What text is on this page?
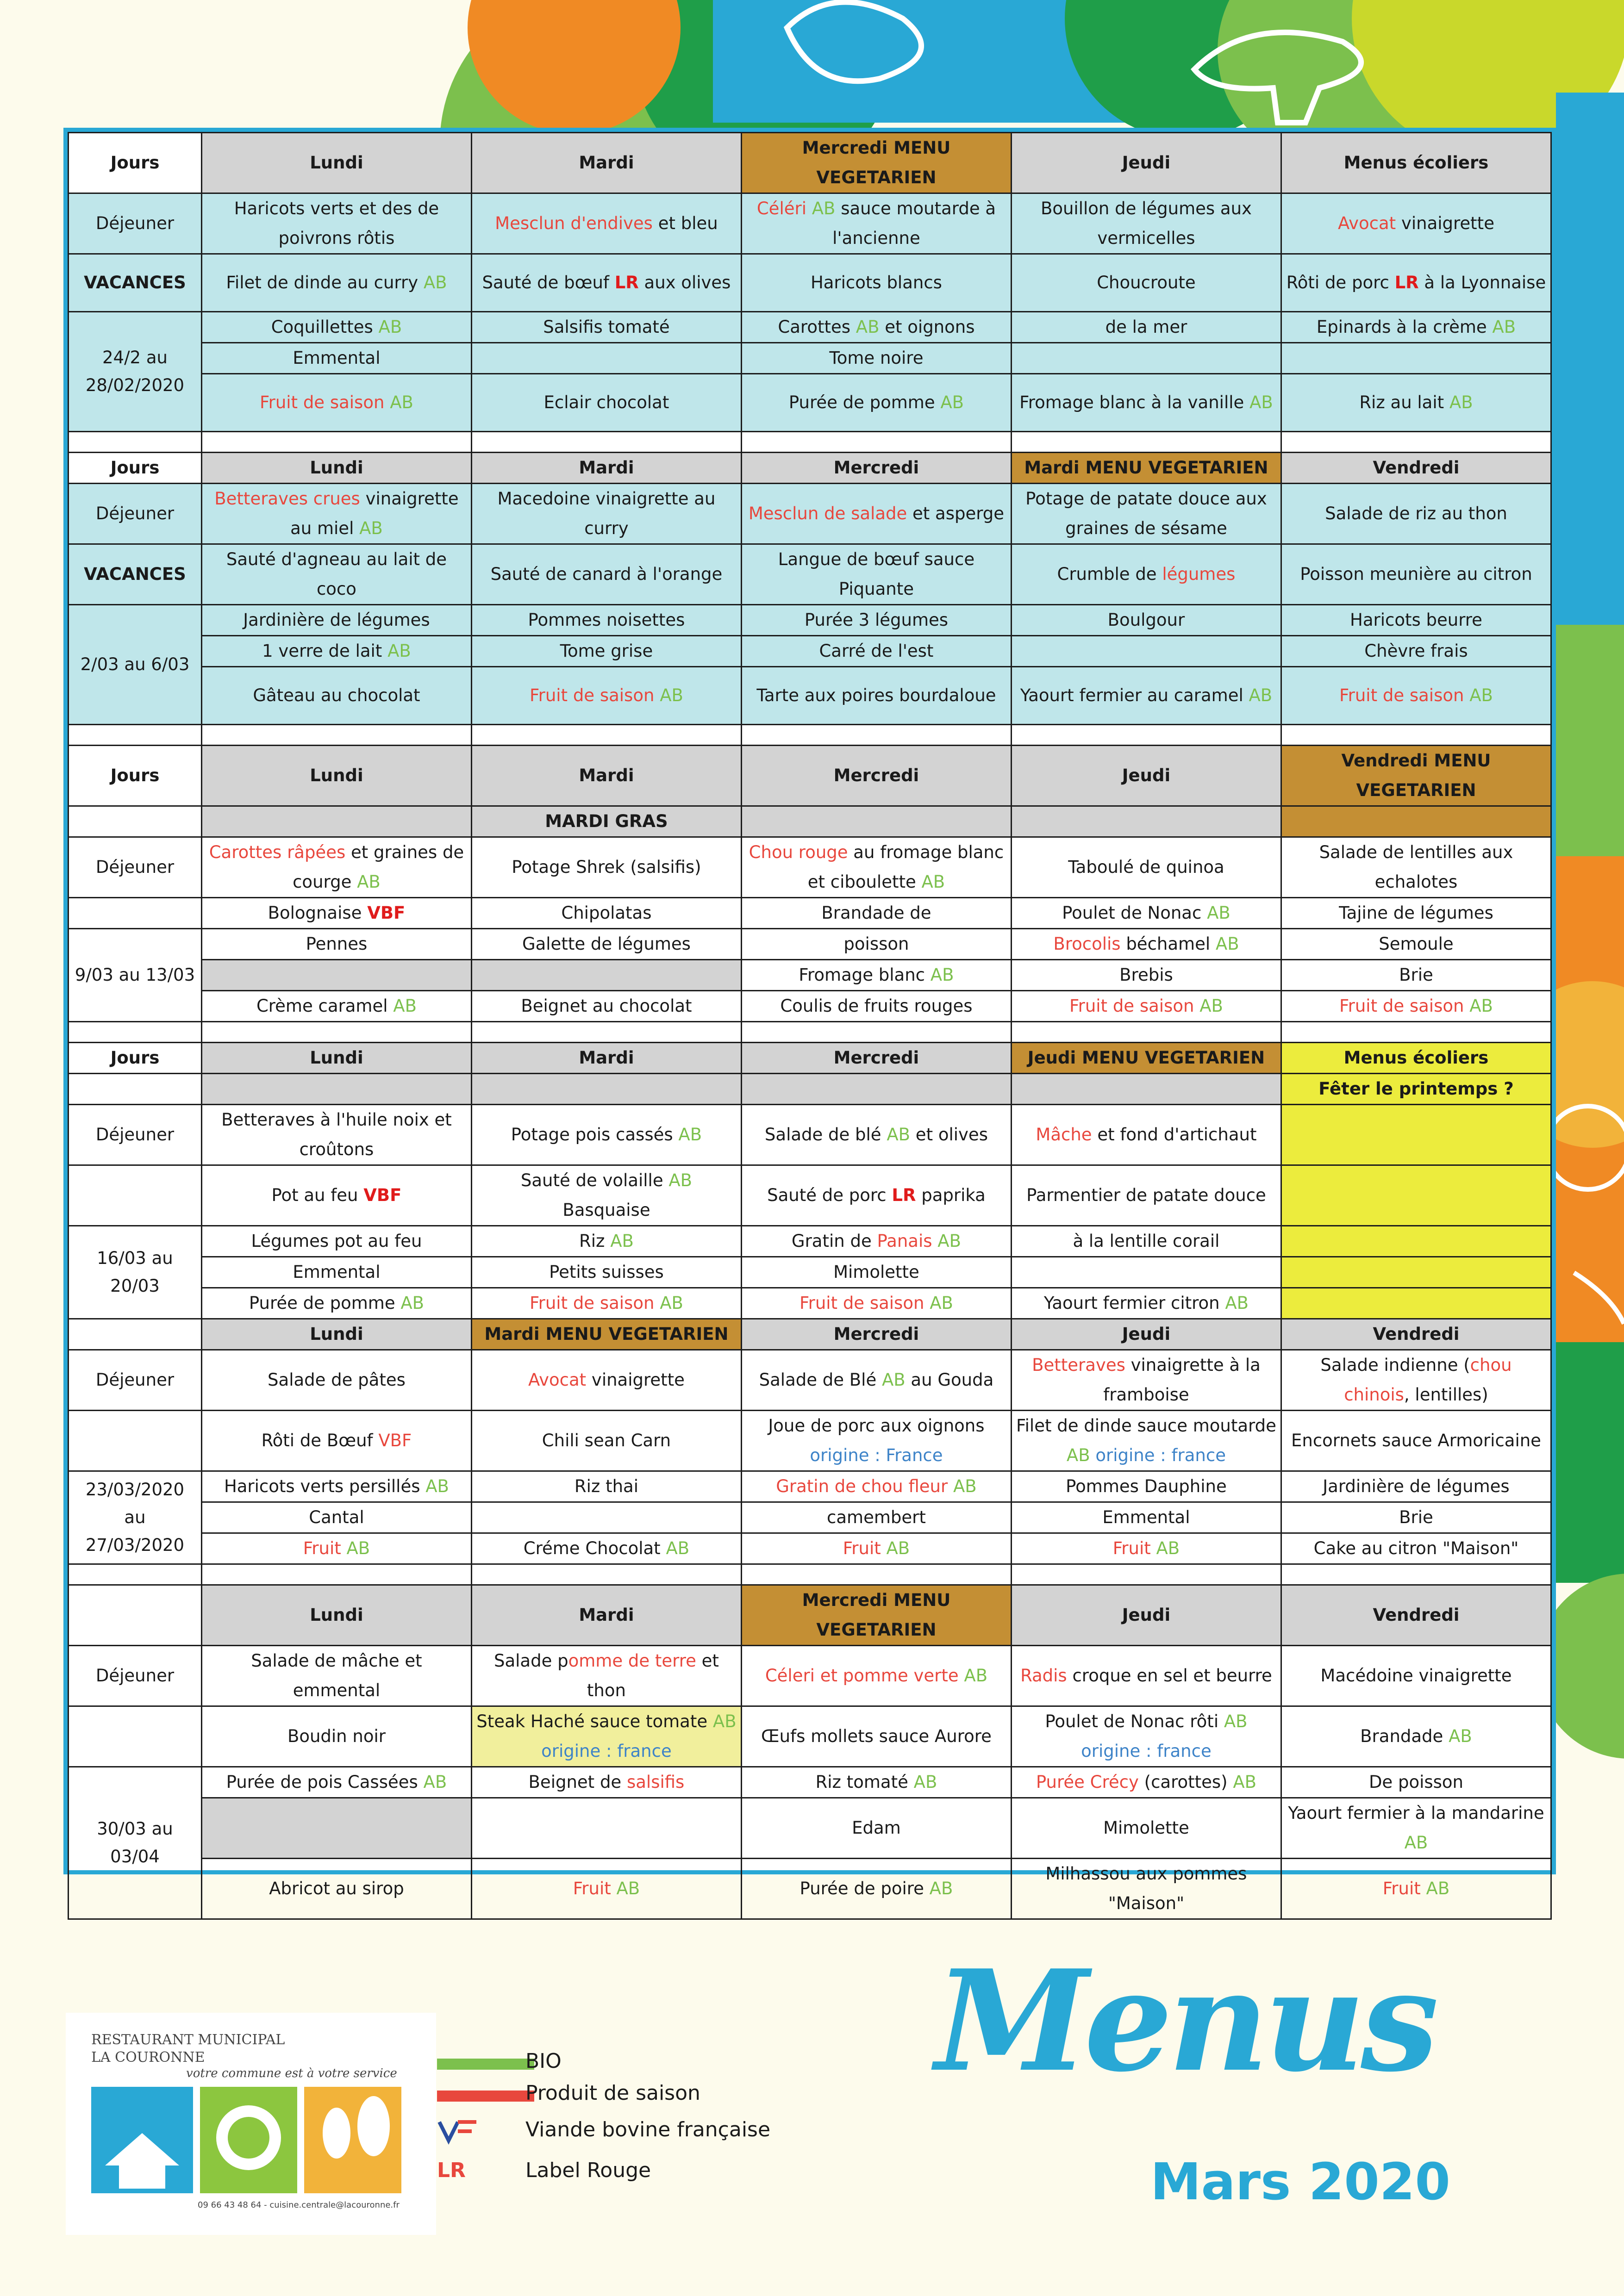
Jours	Lundi	Mardi	Mercredi MENU VEGETARIEN	Jeudi	Menus écoliers
Déjeuner	Haricots verts et des de poivrons rôtis	Mesclun d'endives et bleu	Céléri AB sauce moutarde à l'ancienne	Bouillon de légumes aux vermicelles	Avocat vinaigrette
VACANCES	Filet de dinde au curry AB	Sauté de bœuf LR aux olives	Haricots blancs	Choucroute	Rôti de porc LR à la Lyonnaise
24/2 au 28/02/2020	Coquillettes AB	Salsifis tomaté	Carottes AB et oignons	de la mer	Epinards à la crème AB
	Emmental		Tome noire		
	Fruit de saison AB	Eclair chocolat	Purée de pomme AB	Fromage blanc à la vanille AB	Riz au lait AB

Jours	Lundi	Mardi	Mercredi	Mardi MENU VEGETARIEN	Vendredi
Déjeuner	Betteraves crues vinaigrette au miel AB	Macedoine vinaigrette au curry	Mesclun de salade et asperge	Potage de patate douce aux graines de sésame	Salade de riz au thon
VACANCES	Sauté d'agneau au lait de coco	Sauté de canard à l'orange	Langue de bœuf sauce Piquante	Crumble de légumes	Poisson meunière au citron
2/03 au 6/03	Jardinière de légumes	Pommes noisettes	Purée 3 légumes	Boulgour	Haricots beurre
	1 verre de lait AB	Tome grise	Carré de l'est		Chèvre frais
	Gâteau au chocolat	Fruit de saison AB	Tarte aux poires bourdaloue	Yaourt fermier au caramel AB	Fruit de saison AB

Jours	Lundi	Mardi	Mercredi	Jeudi	Vendredi MENU VEGETARIEN
		MARDI GRAS			
Déjeuner	Carottes râpées et graines de courge AB	Potage Shrek (salsifis)	Chou rouge au fromage blanc et ciboulette AB	Taboulé de quinoa	Salade de lentilles aux echalotes
	Bolognaise VBF	Chipolatas	Brandade de	Poulet de Nonac AB	Tajine de légumes
9/03 au 13/03	Pennes	Galette de légumes	poisson	Brocolis béchamel AB	Semoule
			Fromage blanc AB	Brebis	Brie
	Crème caramel AB	Beignet au chocolat	Coulis de fruits rouges	Fruit de saison AB	Fruit de saison AB

Jours	Lundi	Mardi	Mercredi	Jeudi MENU VEGETARIEN	Menus écoliers
					Fêter le printemps ?
Déjeuner	Betteraves à l'huile noix et croûtons	Potage pois cassés AB	Salade de blé AB et olives	Mâche et fond d'artichaut	
	Pot au feu VBF	Sauté de volaille AB Basquaise	Sauté de porc LR paprika	Parmentier de patate douce	
16/03 au 20/03	Légumes pot au feu	Riz AB	Gratin de Panais AB	à la lentille corail	
	Emmental	Petits suisses	Mimolette		
	Purée de pomme AB	Fruit de saison AB	Fruit de saison AB	Yaourt fermier citron AB	
	Lundi	Mardi MENU VEGETARIEN	Mercredi	Jeudi	Vendredi
Déjeuner	Salade de pâtes	Avocat vinaigrette	Salade de Blé AB au Gouda	Betteraves vinaigrette à la framboise	Salade indienne (chou chinois, lentilles)
	Rôti de Bœuf VBF	Chili sean Carn	Joue de porc aux oignons origine : France	Filet de dinde sauce moutarde AB origine : france	Encornets sauce Armoricaine
23/03/2020 au 27/03/2020	Haricots verts persillés AB	Riz thai	Gratin de chou fleur AB	Pommes Dauphine	Jardinière de légumes
	Cantal		camembert	Emmental	Brie
	Fruit AB	Créme Chocolat AB	Fruit AB	Fruit AB	Cake au citron "Maison"

	Lundi	Mardi	Mercredi MENU VEGETARIEN	Jeudi	Vendredi
Déjeuner	Salade de mâche et emmental	Salade pomme de terre et thon	Céleri et pomme verte AB	Radis croque en sel et beurre	Macédoine vinaigrette
	Boudin noir	Steak Haché sauce tomate AB origine : france	Œufs mollets sauce Aurore	Poulet de Nonac rôti AB origine : france	Brandade AB
30/03 au 03/04	Purée de pois Cassées AB	Beignet de salsifis	Riz tomaté AB	Purée Crécy (carottes) AB	De poisson
			Edam	Mimolette	Yaourt fermier à la mandarine AB
	Abricot au sirop	Fruit AB	Purée de poire AB	Milhassou aux pommes "Maison"	Fruit AB
RESTAURANT MUNICIPAL
LA COURONNE
votre commune est à votre service
09 66 43 48 64 - cuisine.centrale@lacouronne.fr
BIO
Produit de saison
Viande bovine française
LR	Label Rouge
Menus
Mars 2020
